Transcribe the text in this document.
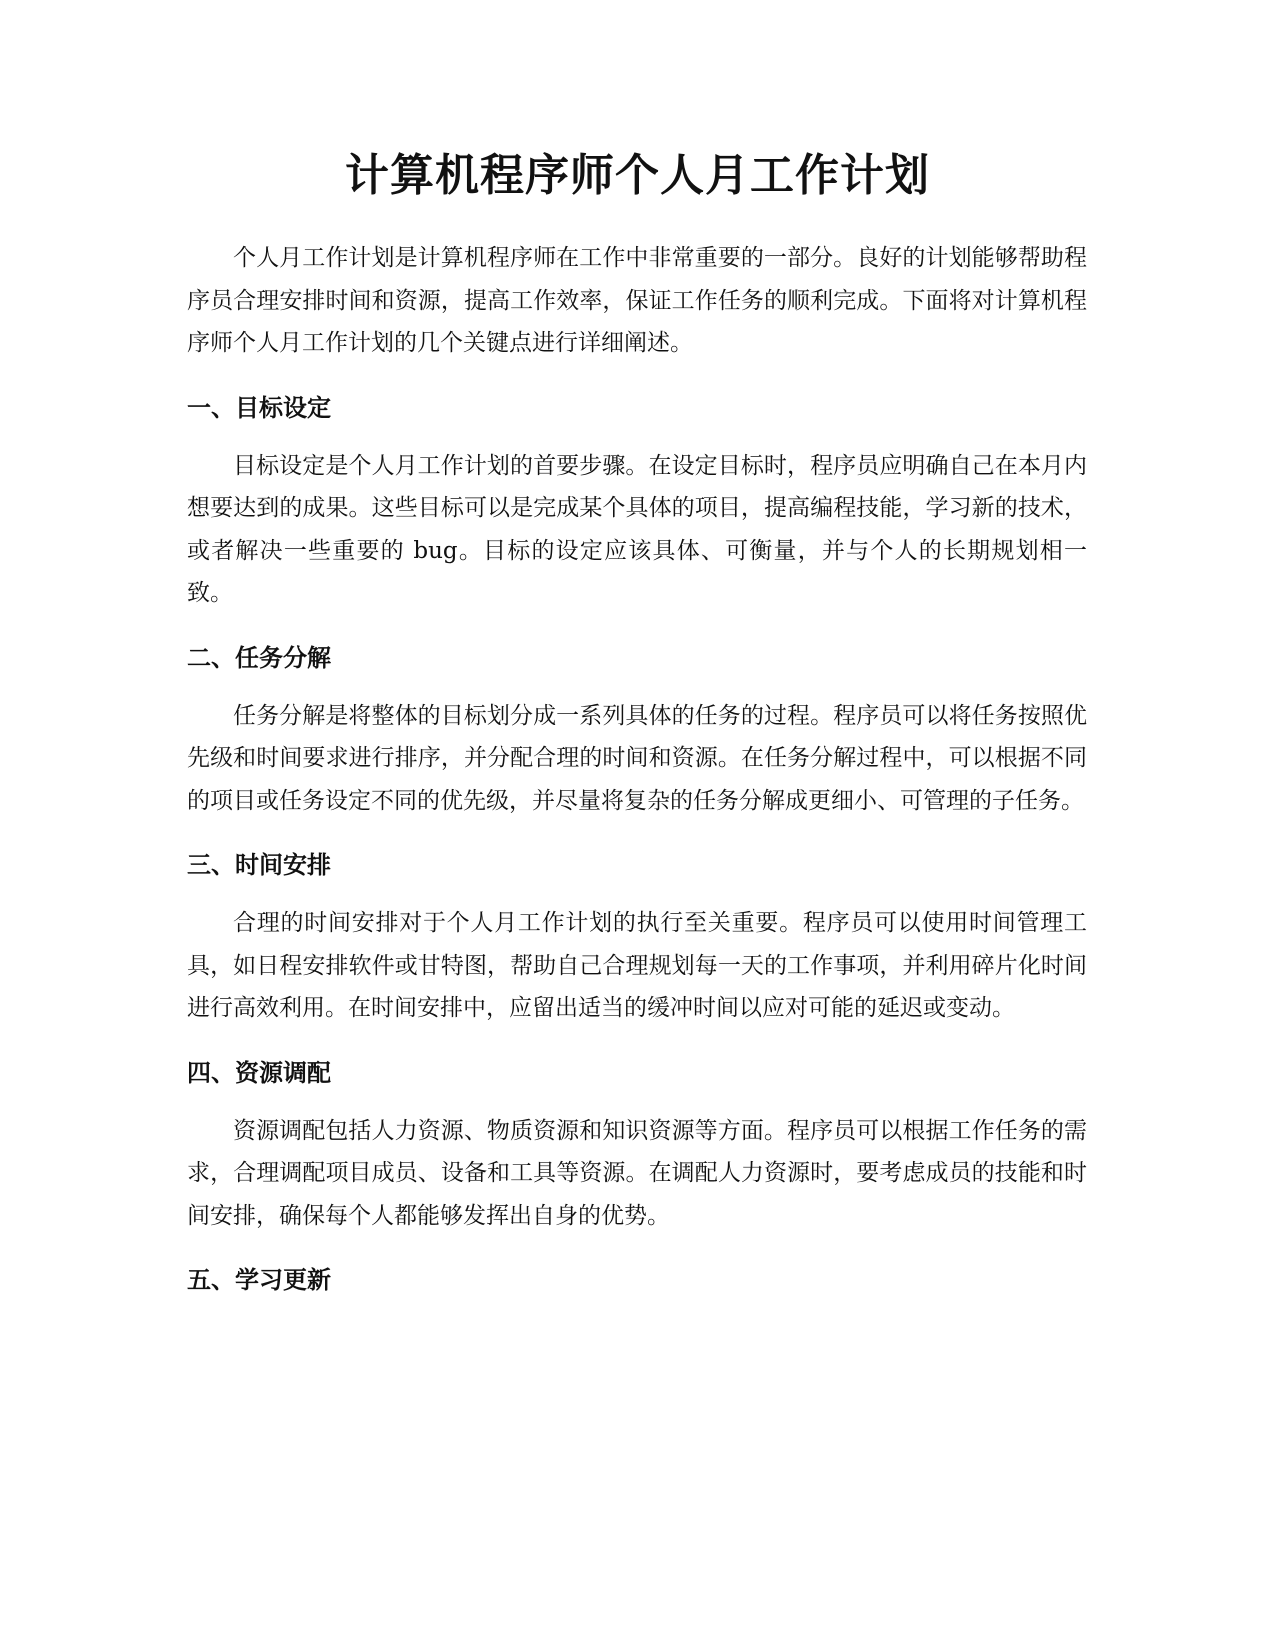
计算机程序师个人月工作计划

个人月工作计划是计算机程序师在工作中非常重要的一部分。良好的计划能够帮助程序员合理安排时间和资源，提高工作效率，保证工作任务的顺利完成。下面将对计算机程序师个人月工作计划的几个关键点进行详细阐述。

一、目标设定

目标设定是个人月工作计划的首要步骤。在设定目标时，程序员应明确自己在本月内想要达到的成果。这些目标可以是完成某个具体的项目，提高编程技能，学习新的技术，或者解决一些重要的 bug。目标的设定应该具体、可衡量，并与个人的长期规划相一致。

二、任务分解

任务分解是将整体的目标划分成一系列具体的任务的过程。程序员可以将任务按照优先级和时间要求进行排序，并分配合理的时间和资源。在任务分解过程中，可以根据不同的项目或任务设定不同的优先级，并尽量将复杂的任务分解成更细小、可管理的子任务。

三、时间安排

合理的时间安排对于个人月工作计划的执行至关重要。程序员可以使用时间管理工具，如日程安排软件或甘特图，帮助自己合理规划每一天的工作事项，并利用碎片化时间进行高效利用。在时间安排中，应留出适当的缓冲时间以应对可能的延迟或变动。

四、资源调配

资源调配包括人力资源、物质资源和知识资源等方面。程序员可以根据工作任务的需求，合理调配项目成员、设备和工具等资源。在调配人力资源时，要考虑成员的技能和时间安排，确保每个人都能够发挥出自身的优势。

五、学习更新
